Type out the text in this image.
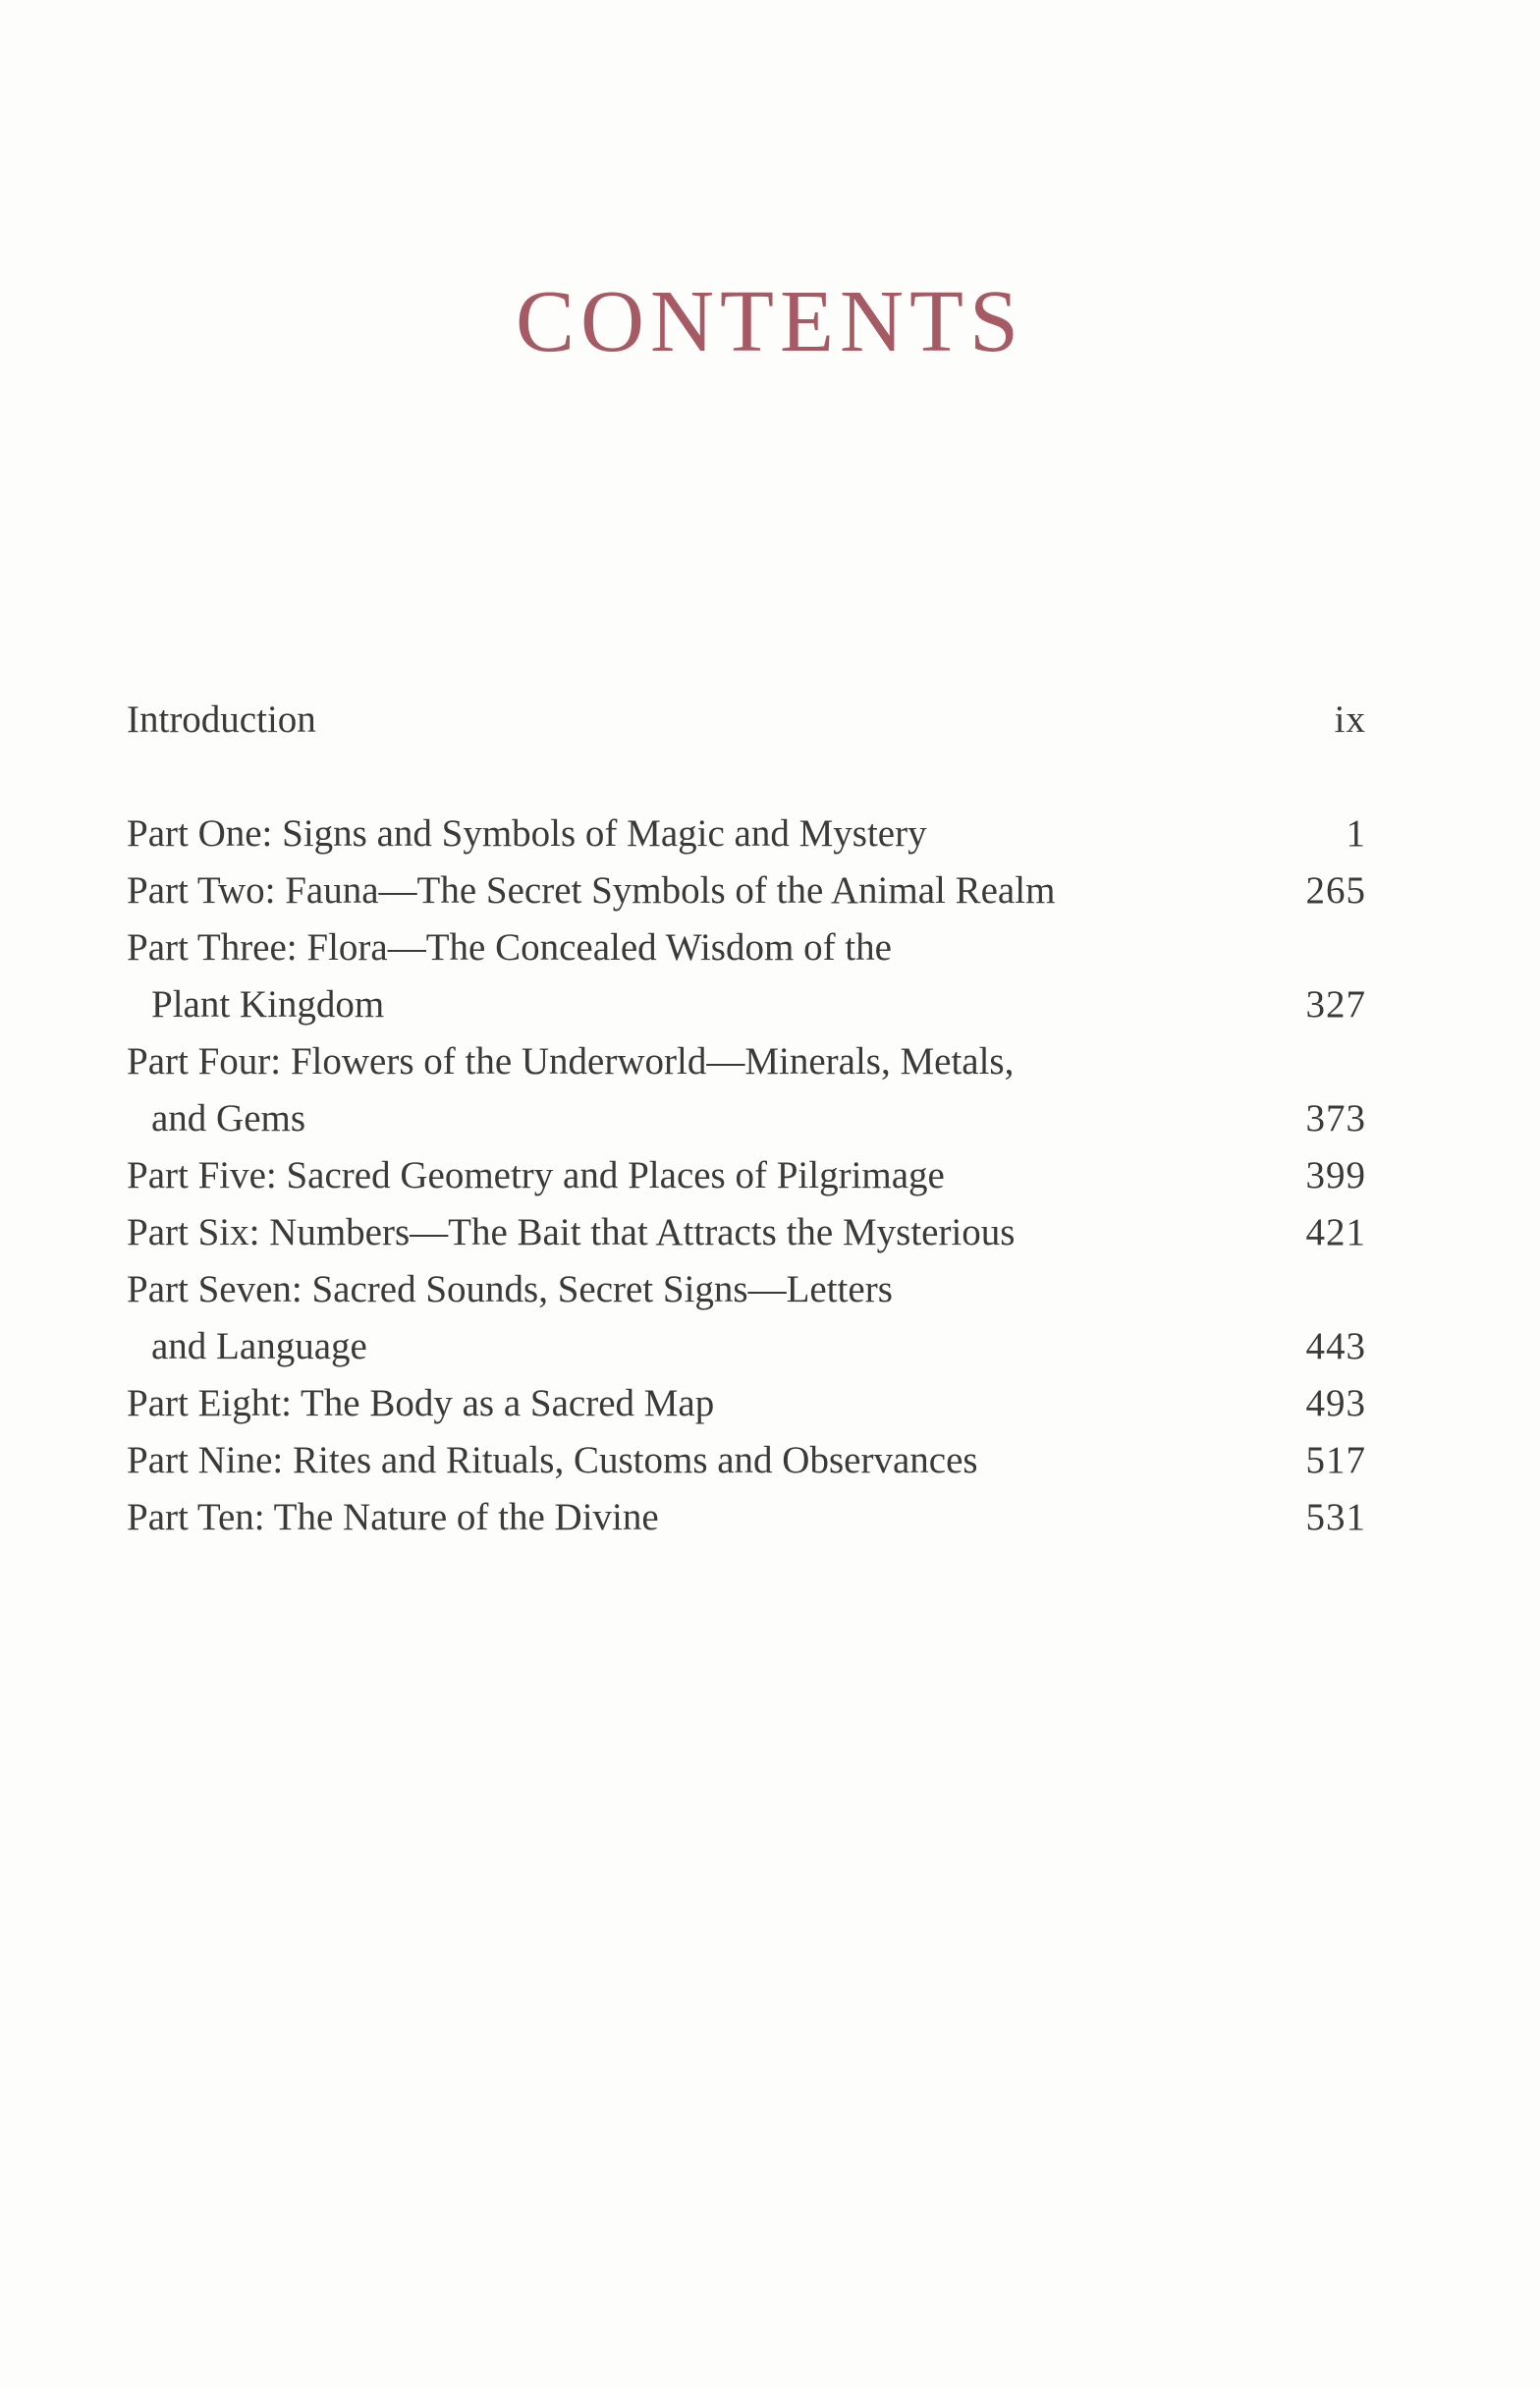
CONTENTS
Introduction	ix
Part One: Signs and Symbols of Magic and Mystery	1
Part Two: Fauna—The Secret Symbols of the Animal Realm	265
Part Three: Flora—The Concealed Wisdom of the
Plant Kingdom	327
Part Four: Flowers of the Underworld—Minerals, Metals,
and Gems	373
Part Five: Sacred Geometry and Places of Pilgrimage	399
Part Six: Numbers—The Bait that Attracts the Mysterious	421
Part Seven: Sacred Sounds, Secret Signs—Letters
and Language	443
Part Eight: The Body as a Sacred Map	493
Part Nine: Rites and Rituals, Customs and Observances	517
Part Ten: The Nature of the Divine	531
